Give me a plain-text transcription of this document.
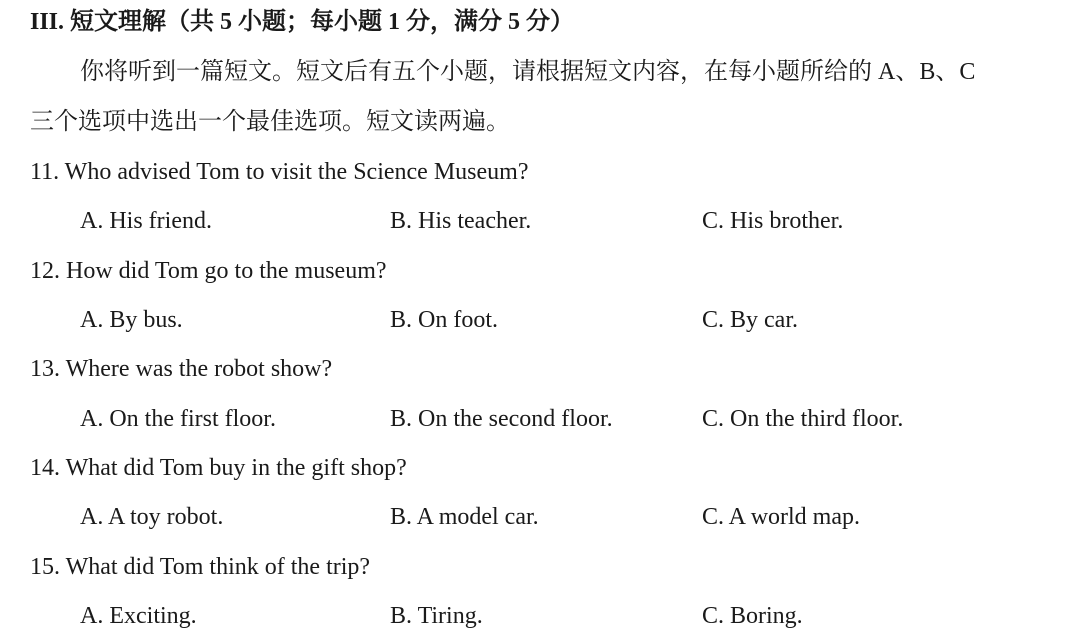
III. 短文理解（共 5 小题；每小题 1 分，满分 5 分）
你将听到一篇短文。短文后有五个小题，请根据短文内容，在每小题所给的 A、B、C
三个选项中选出一个最佳选项。短文读两遍。
11. Who advised Tom to visit the Science Museum?
A. His friend.	B. His teacher.	C. His brother.
12. How did Tom go to the museum?
A. By bus.	B. On foot.	C. By car.
13. Where was the robot show?
A. On the first floor.	B. On the second floor.	C. On the third floor.
14. What did Tom buy in the gift shop?
A. A toy robot.	B. A model car.	C. A world map.
15. What did Tom think of the trip?
A. Exciting.	B. Tiring.	C. Boring.
